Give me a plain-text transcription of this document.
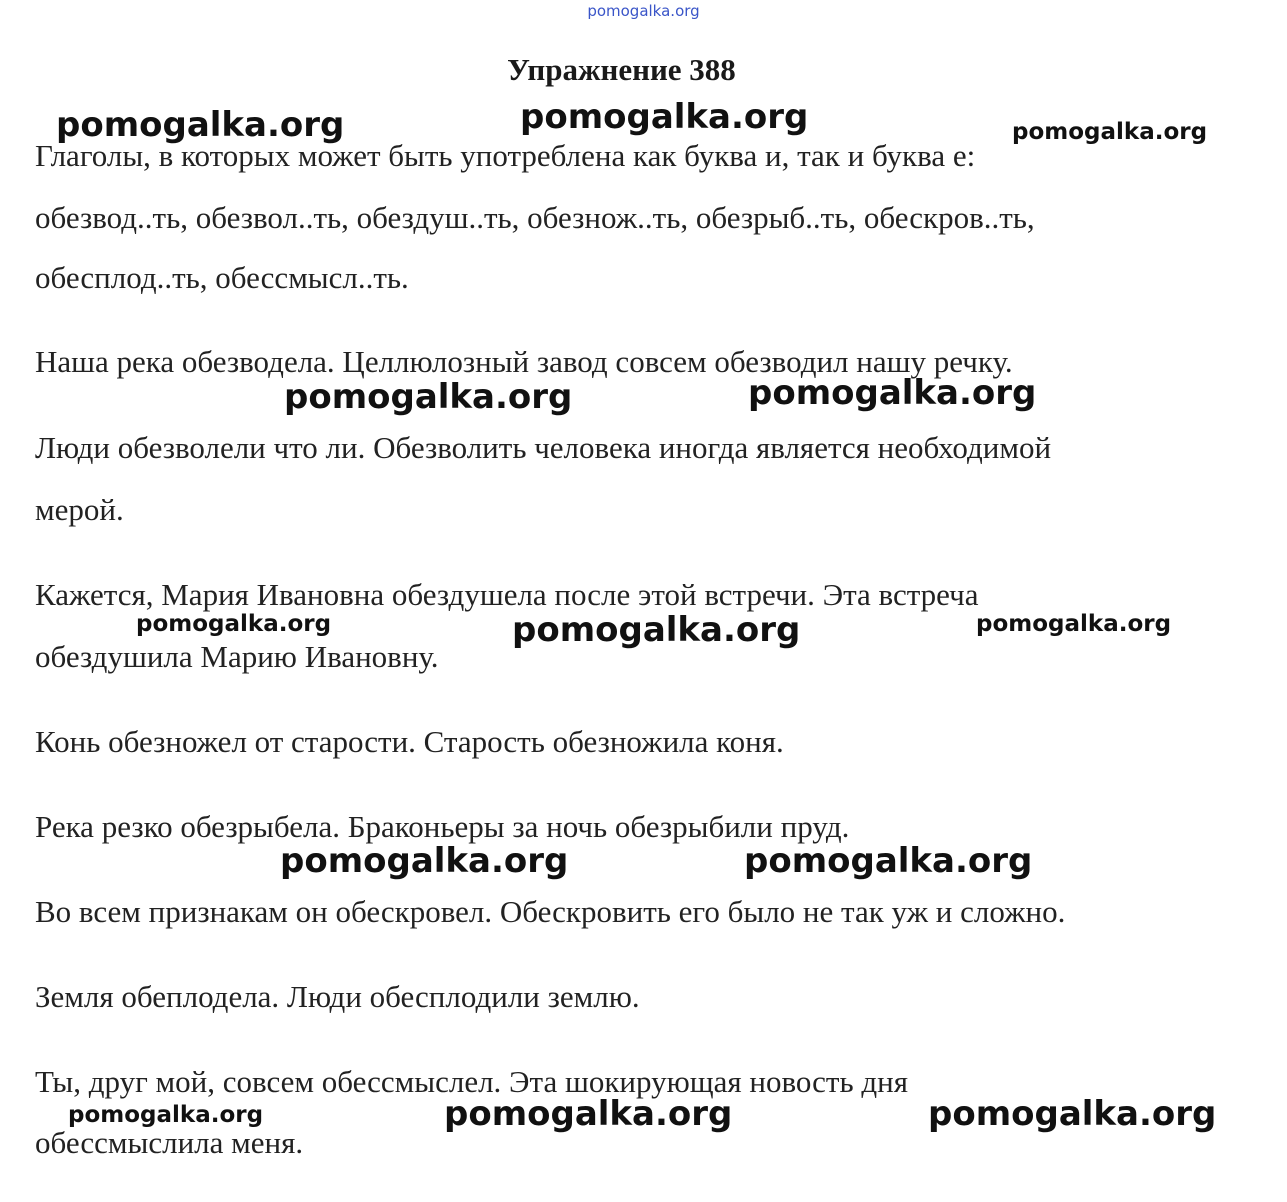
pomogalka.org
Упражнение 388
Глаголы, в которых может быть употреблена как буква и, так и буква е:
обезвод..ть, обезвол..ть, обездуш..ть, обезнож..ть, обезрыб..ть, обескров..ть,
обесплод..ть, обессмысл..ть.
Наша река обезводела. Целлюлозный завод совсем обезводил нашу речку.
Люди обезволели что ли. Обезволить человека иногда является необходимой
мерой.
Кажется, Мария Ивановна обездушела после этой встречи. Эта встреча
обездушила Марию Ивановну.
Конь обезножел от старости. Старость обезножила коня.
Река резко обезрыбела. Браконьеры за ночь обезрыбили пруд.
Во всем признакам он обескровел. Обескровить его было не так уж и сложно.
Земля обеплодела. Люди обесплодили землю.
Ты, друг мой, совсем обессмыслел. Эта шокирующая новость дня
обессмыслила меня.
pomogalka.org	pomogalka.org	pomogalka.org
pomogalka.org	pomogalka.org
pomogalka.org	pomogalka.org	pomogalka.org
pomogalka.org	pomogalka.org
pomogalka.org	pomogalka.org	pomogalka.org
